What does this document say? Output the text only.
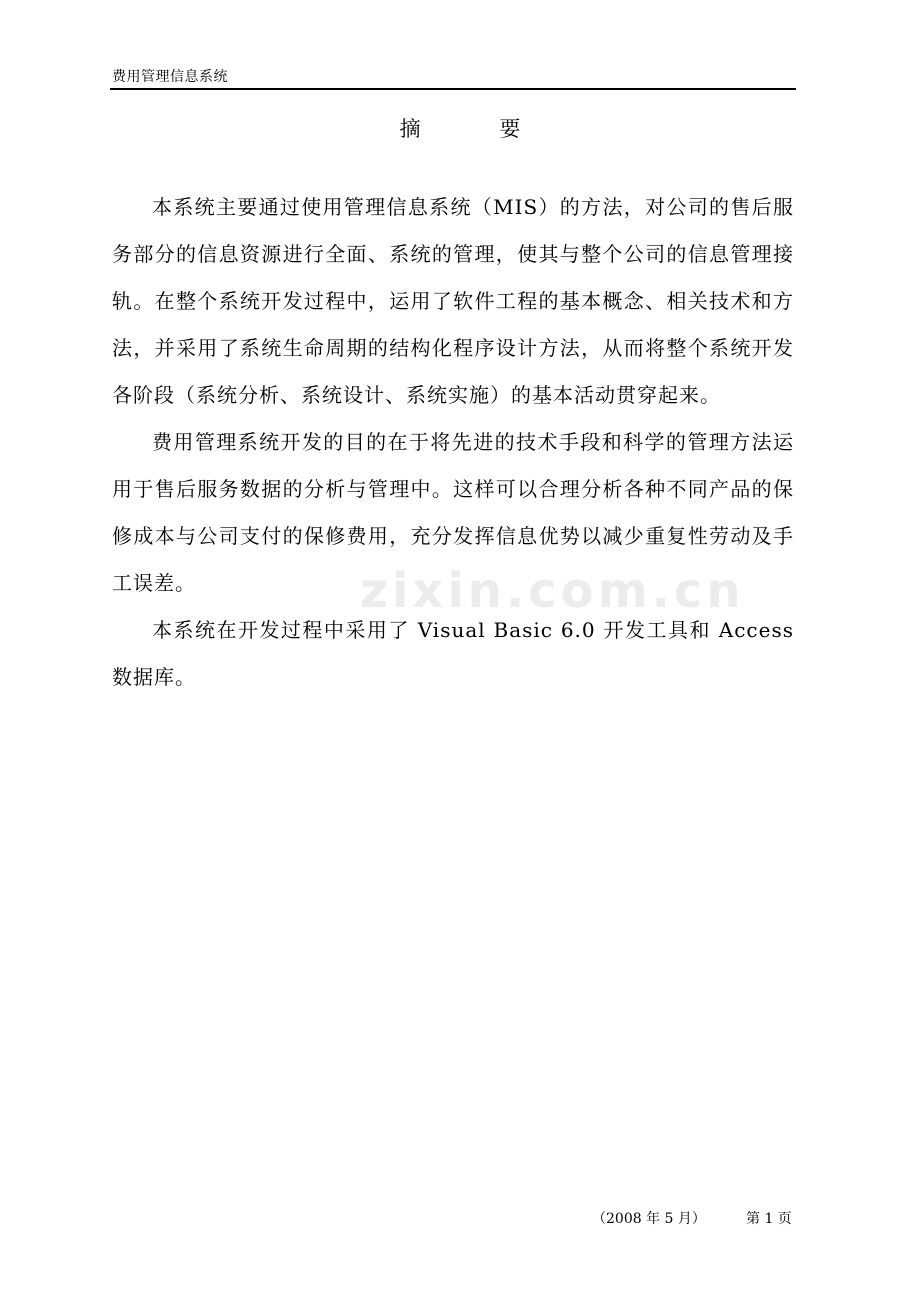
费用管理信息系统
zixin.com.cn
摘 要

本系统主要通过使用管理信息系统（MIS）的方法，对公司的售后服务部分的信息资源进行全面、系统的管理，使其与整个公司的信息管理接轨。在整个系统开发过程中，运用了软件工程的基本概念、相关技术和方法，并采用了系统生命周期的结构化程序设计方法，从而将整个系统开发各阶段（系统分析、系统设计、系统实施）的基本活动贯穿起来。

费用管理系统开发的目的在于将先进的技术手段和科学的管理方法运用于售后服务数据的分析与管理中。这样可以合理分析各种不同产品的保修成本与公司支付的保修费用，充分发挥信息优势以减少重复性劳动及手工误差。

本系统在开发过程中采用了 Visual Basic 6.0 开发工具和 Access 数据库。

（2008 年 5 月）	第 1 页
